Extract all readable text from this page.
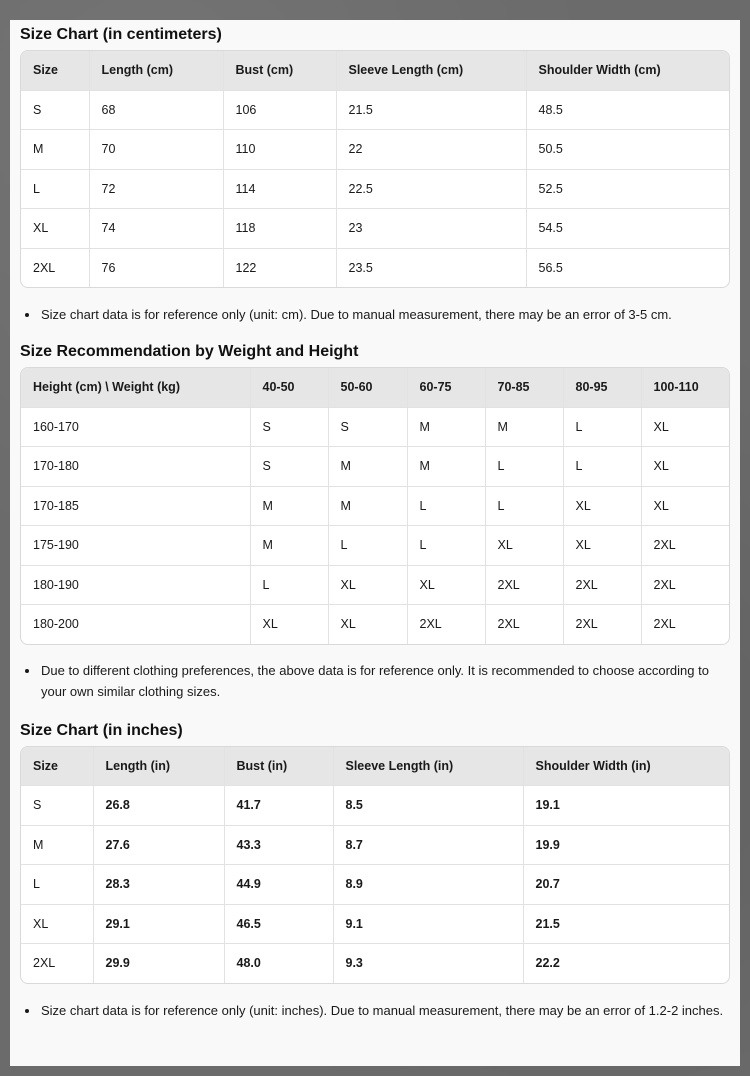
Size Chart (in centimeters)
Size	Length (cm)	Bust (cm)	Sleeve Length (cm)	Shoulder Width (cm)
S	68	106	21.5	48.5
M	70	110	22	50.5
L	72	114	22.5	52.5
XL	74	118	23	54.5
2XL	76	122	23.5	56.5
• Size chart data is for reference only (unit: cm). Due to manual measurement, there may be an error of 3-5 cm.
Size Recommendation by Weight and Height
Height (cm) \ Weight (kg)	40-50	50-60	60-75	70-85	80-95	100-110
160-170	S	S	M	M	L	XL
170-180	S	M	M	L	L	XL
170-185	M	M	L	L	XL	XL
175-190	M	L	L	XL	XL	2XL
180-190	L	XL	XL	2XL	2XL	2XL
180-200	XL	XL	2XL	2XL	2XL	2XL
• Due to different clothing preferences, the above data is for reference only. It is recommended to choose according to your own similar clothing sizes.
Size Chart (in inches)
Size	Length (in)	Bust (in)	Sleeve Length (in)	Shoulder Width (in)
S	26.8	41.7	8.5	19.1
M	27.6	43.3	8.7	19.9
L	28.3	44.9	8.9	20.7
XL	29.1	46.5	9.1	21.5
2XL	29.9	48.0	9.3	22.2
• Size chart data is for reference only (unit: inches). Due to manual measurement, there may be an error of 1.2-2 inches.
